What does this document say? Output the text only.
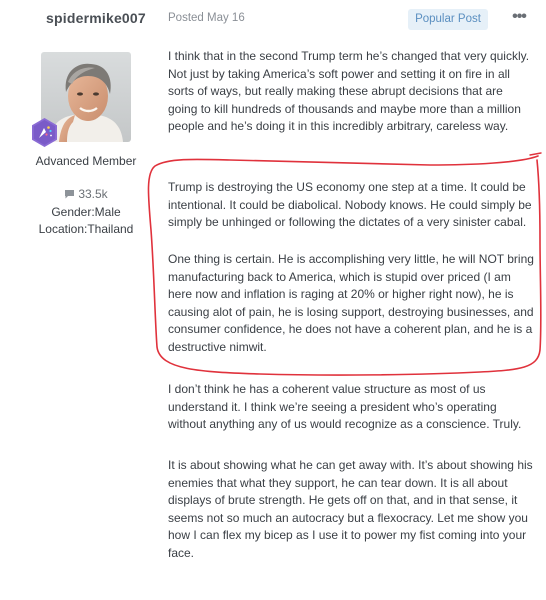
spidermike007 Posted May 16	Popular Post	•••
Advanced Member
33.5k
Gender:Male
Location:Thailand

I think that in the second Trump term he’s changed that very quickly. Not just by taking America’s soft power and setting it on fire in all sorts of ways, but really making these abrupt decisions that are going to kill hundreds of thousands and maybe more than a million people and he’s doing it in this incredibly arbitrary, careless way.

Trump is destroying the US economy one step at a time. It could be intentional. It could be diabolical. Nobody knows. He could simply be simply be unhinged or following the dictates of a very sinister cabal.

One thing is certain. He is accomplishing very little, he will NOT bring manufacturing back to America, which is stupid over priced (I am here now and inflation is raging at 20% or higher right now), he is causing alot of pain, he is losing support, destroying businesses, and consumer confidence, he does not have a coherent plan, and he is a destructive nimwit.

I don’t think he has a coherent value structure as most of us understand it. I think we’re seeing a president who’s operating without anything any of us would recognize as a conscience. Truly.

It is about showing what he can get away with. It’s about showing his enemies that what they support, he can tear down. It is all about displays of brute strength. He gets off on that, and in that sense, it seems not so much an autocracy but a flexocracy. Let me show you how I can flex my bicep as I use it to power my fist coming into your face.
